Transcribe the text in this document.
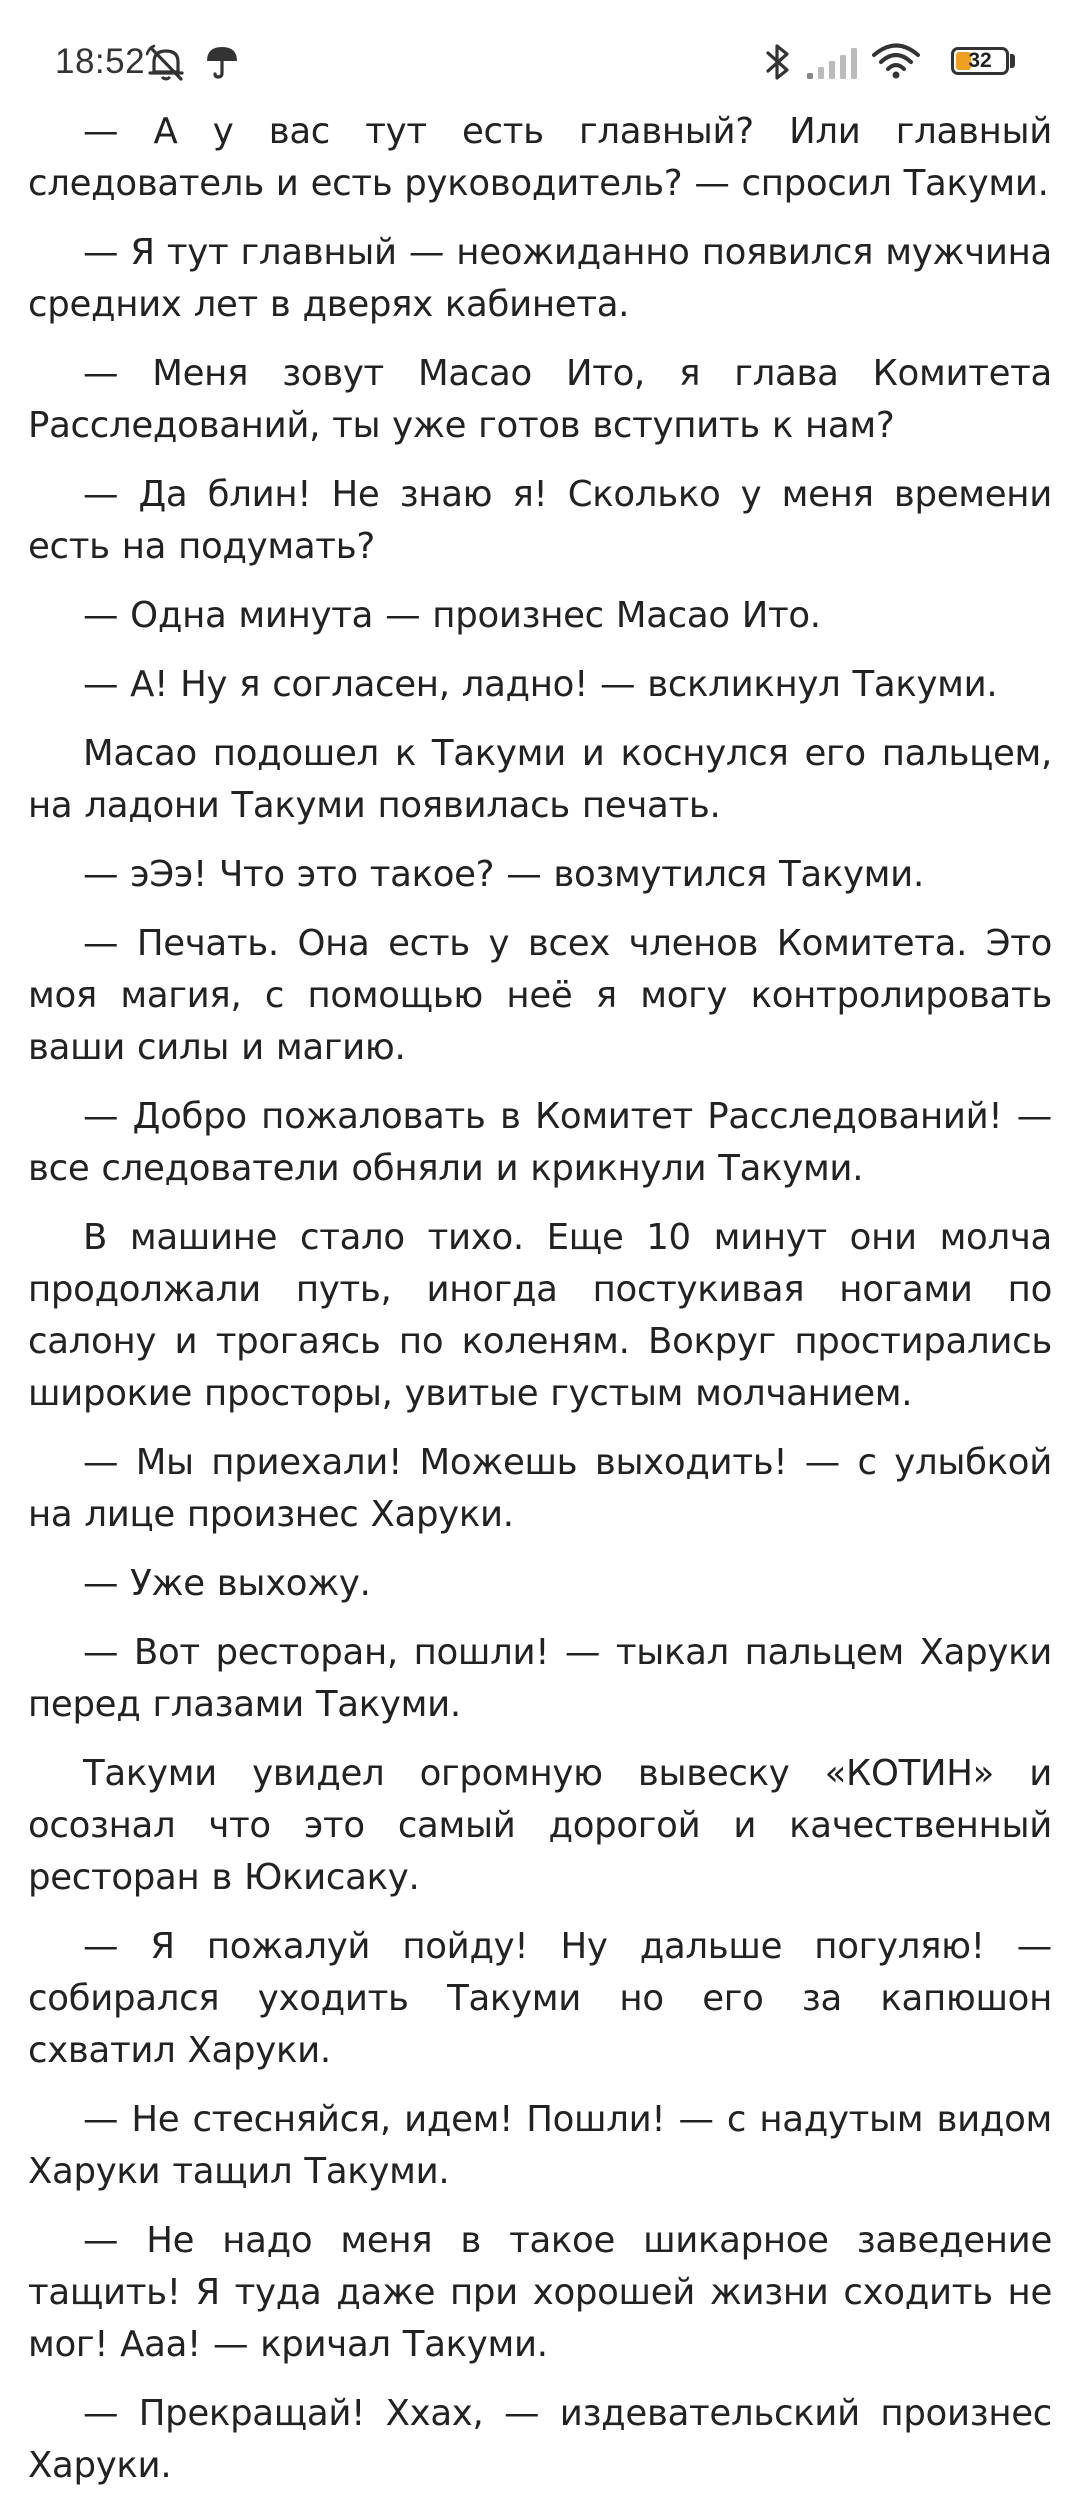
18:52	32

— А у вас тут есть главный? Или главный следователь и есть руководитель? — спросил Такуми.

— Я тут главный — неожиданно появился мужчина средних лет в дверях кабинета.

— Меня зовут Масао Ито, я глава Комитета Расследований, ты уже готов вступить к нам?

— Да блин! Не знаю я! Сколько у меня времени есть на подумать?

— Одна минута — произнес Масао Ито.

— А! Ну я согласен, ладно! — вскликнул Такуми.

Масао подошел к Такуми и коснулся его пальцем, на ладони Такуми появилась печать.

— эЭэ! Что это такое? — возмутился Такуми.

— Печать. Она есть у всех членов Комитета. Это моя магия, с помощью неё я могу контролировать ваши силы и магию.

— Добро пожаловать в Комитет Расследований! — все следователи обняли и крикнули Такуми.

В машине стало тихо. Еще 10 минут они молча продолжали путь, иногда постукивая ногами по салону и трогаясь по коленям. Вокруг простирались широкие просторы, увитые густым молчанием.

— Мы приехали! Можешь выходить! — с улыбкой на лице произнес Харуки.

— Уже выхожу.

— Вот ресторан, пошли! — тыкал пальцем Харуки перед глазами Такуми.

Такуми увидел огромную вывеску «КОТИН» и осознал что это самый дорогой и качественный ресторан в Юкисаку.

— Я пожалуй пойду! Ну дальше погуляю! — собирался уходить Такуми но его за капюшон схватил Харуки.

— Не стесняйся, идем! Пошли! — с надутым видом Харуки тащил Такуми.

— Не надо меня в такое шикарное заведение тащить! Я туда даже при хорошей жизни сходить не мог! Ааа! — кричал Такуми.

— Прекращай! Ххах, — издевательский произнес Харуки.
